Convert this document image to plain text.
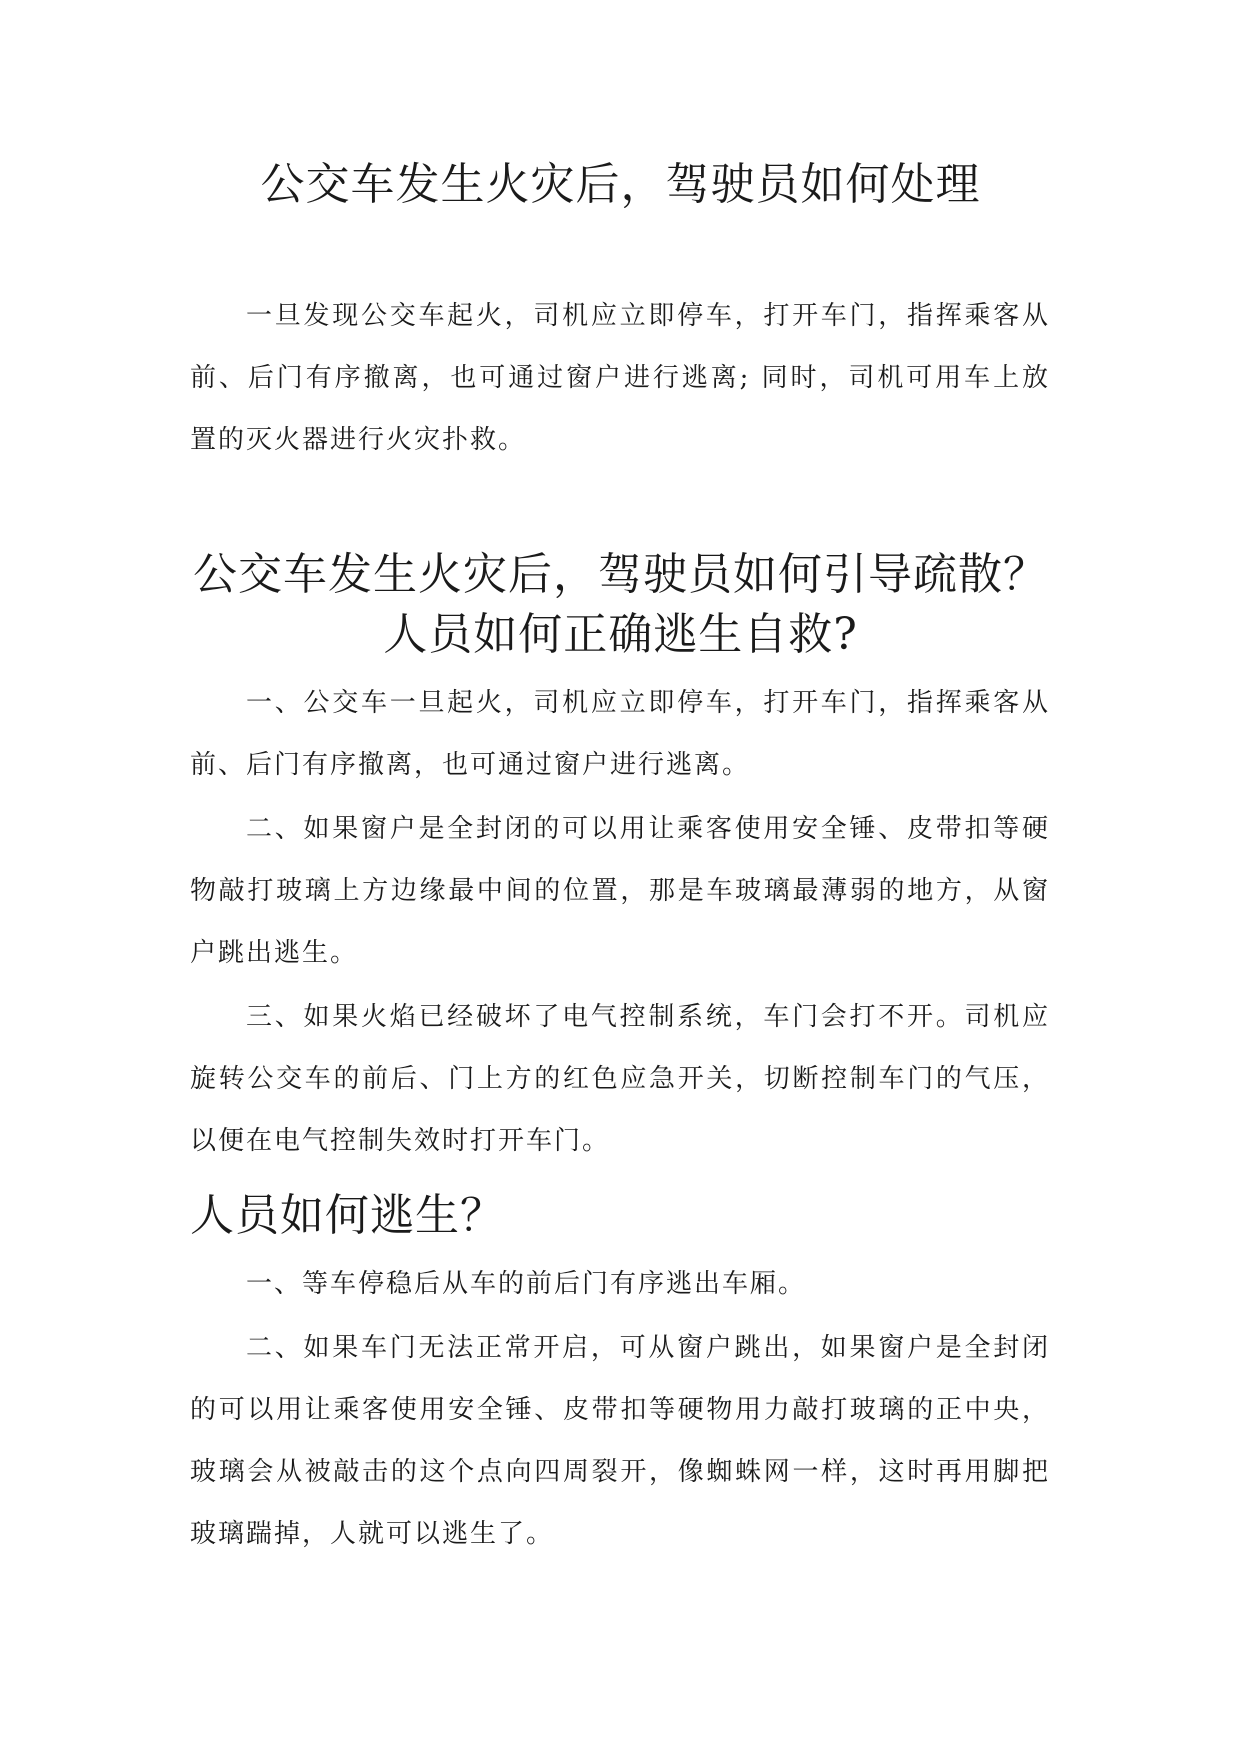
公交车发生火灾后，驾驶员如何处理

一旦发现公交车起火，司机应立即停车，打开车门，指挥乘客从前、后门有序撤离，也可通过窗户进行逃离; 同时，司机可用车上放置的灭火器进行火灾扑救。

公交车发生火灾后，驾驶员如何引导疏散？
人员如何正确逃生自救?

一、公交车一旦起火，司机应立即停车，打开车门，指挥乘客从前、后门有序撤离，也可通过窗户进行逃离。

二、如果窗户是全封闭的可以用让乘客使用安全锤、皮带扣等硬物敲打玻璃上方边缘最中间的位置，那是车玻璃最薄弱的地方，从窗户跳出逃生。

三、如果火焰已经破坏了电气控制系统，车门会打不开。司机应旋转公交车的前后、门上方的红色应急开关，切断控制车门的气压，以便在电气控制失效时打开车门。

人员如何逃生？

一、等车停稳后从车的前后门有序逃出车厢。

二、如果车门无法正常开启，可从窗户跳出，如果窗户是全封闭的可以用让乘客使用安全锤、皮带扣等硬物用力敲打玻璃的正中央，玻璃会从被敲击的这个点向四周裂开，像蜘蛛网一样，这时再用脚把玻璃踹掉，人就可以逃生了。
